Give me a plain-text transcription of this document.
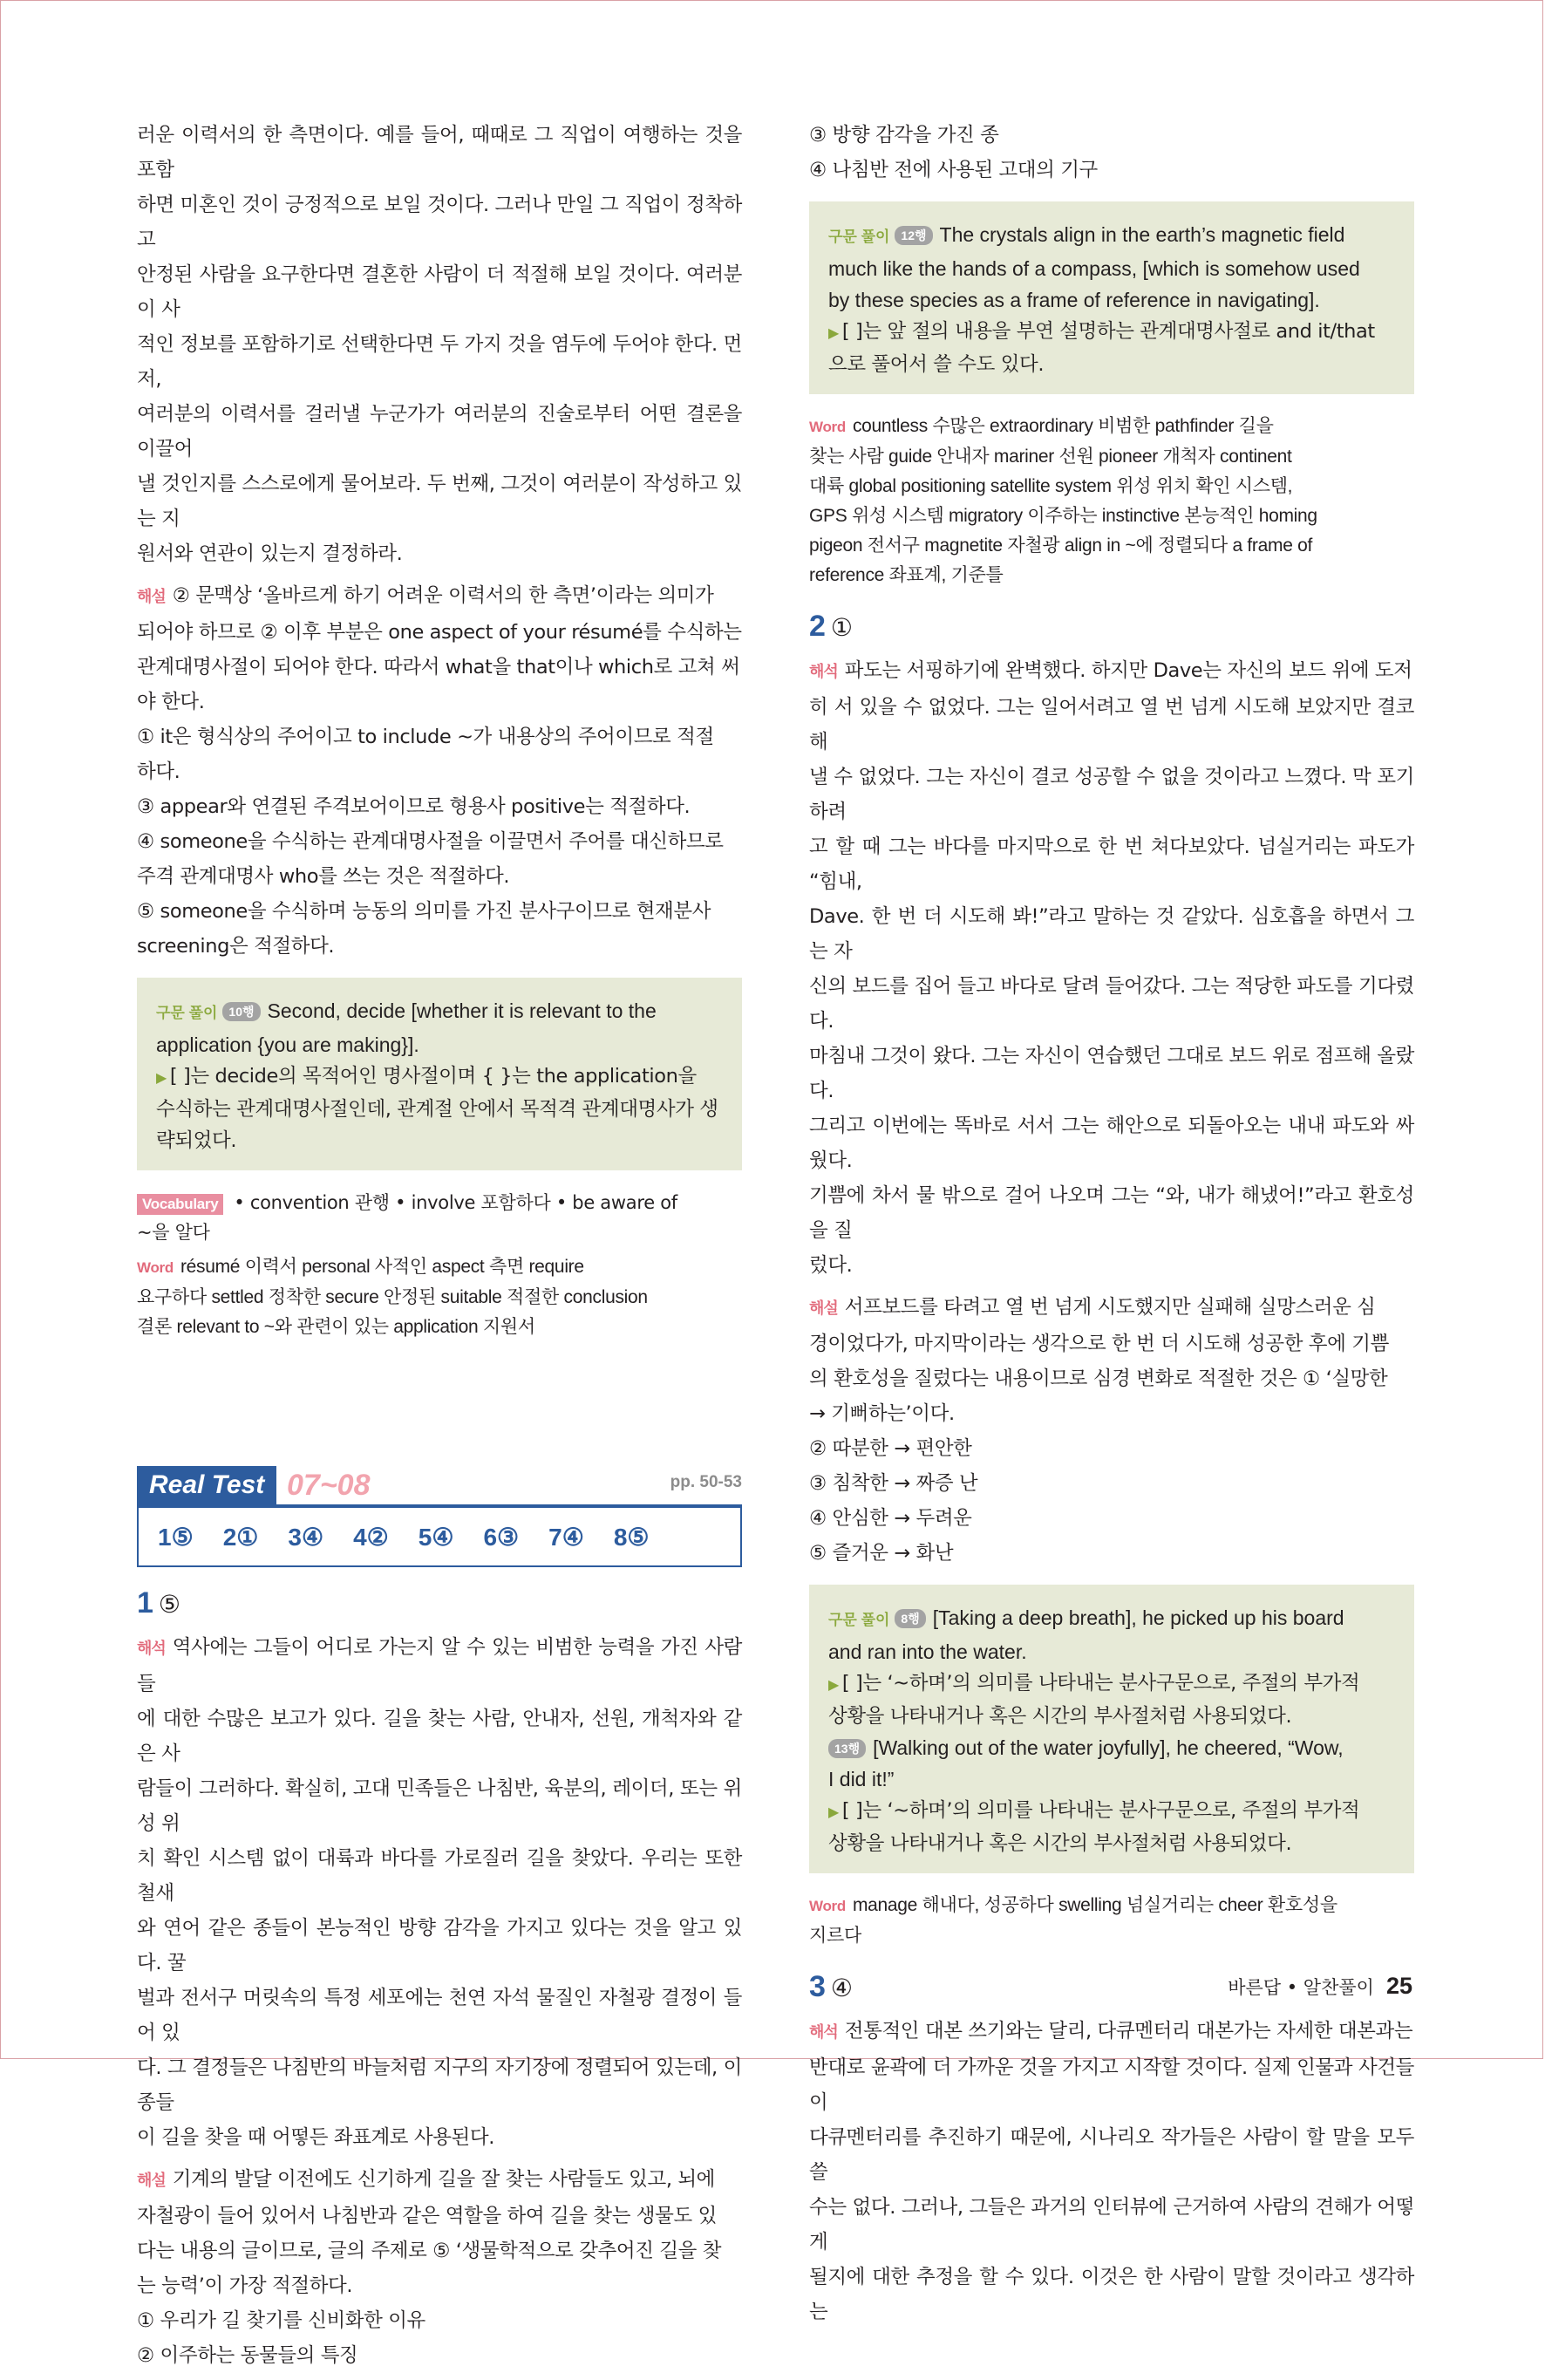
러운 이력서의 한 측면이다. 예를 들어, 때때로 그 직업이 여행하는 것을 포함

하면 미혼인 것이 긍정적으로 보일 것이다. 그러나 만일 그 직업이 정착하고

안정된 사람을 요구한다면 결혼한 사람이 더 적절해 보일 것이다. 여러분이 사

적인 정보를 포함하기로 선택한다면 두 가지 것을 염두에 두어야 한다. 먼저,

여러분의 이력서를 걸러낼 누군가가 여러분의 진술로부터 어떤 결론을 이끌어

낼 것인지를 스스로에게 물어보라. 두 번째, 그것이 여러분이 작성하고 있는 지

원서와 연관이 있는지 결정하라.

해설 ② 문맥상 ‘올바르게 하기 어려운 이력서의 한 측면’이라는 의미가

되어야 하므로 ② 이후 부분은 one aspect of your résumé를 수식하는

관계대명사절이 되어야 한다. 따라서 what을 that이나 which로 고쳐 써

야 한다.

① it은 형식상의 주어이고 to include ~가 내용상의 주어이므로 적절

하다.

③ appear와 연결된 주격보어이므로 형용사 positive는 적절하다.

④ someone을 수식하는 관계대명사절을 이끌면서 주어를 대신하므로

주격 관계대명사 who를 쓰는 것은 적절하다.

⑤ someone을 수식하며 능동의 의미를 가진 분사구이므로 현재분사

screening은 적절하다.

구문 풀이 10행 Second, decide [whether it is relevant to the

application {you are making}].

▶ [ ]는 decide의 목적어인 명사절이며 { }는 the application을

수식하는 관계대명사절인데, 관계절 안에서 목적격 관계대명사가 생

략되었다.

Vocabulary • convention 관행 • involve 포함하다 • be aware of

~을 알다

Word résumé 이력서 personal 사적인 aspect 측면 require

요구하다 settled 정착한 secure 안정된 suitable 적절한 conclusion

결론 relevant to ~와 관련이 있는 application 지원서

Real Test 07~08	pp. 50-53
1⑤ 2① 3④ 4② 5④ 6③ 7④ 8⑤
1 ⑤

해석 역사에는 그들이 어디로 가는지 알 수 있는 비범한 능력을 가진 사람들

에 대한 수많은 보고가 있다. 길을 찾는 사람, 안내자, 선원, 개척자와 같은 사

람들이 그러하다. 확실히, 고대 민족들은 나침반, 육분의, 레이더, 또는 위성 위

치 확인 시스템 없이 대륙과 바다를 가로질러 길을 찾았다. 우리는 또한 철새

와 연어 같은 종들이 본능적인 방향 감각을 가지고 있다는 것을 알고 있다. 꿀

벌과 전서구 머릿속의 특정 세포에는 천연 자석 물질인 자철광 결정이 들어 있

다. 그 결정들은 나침반의 바늘처럼 지구의 자기장에 정렬되어 있는데, 이 종들

이 길을 찾을 때 어떻든 좌표계로 사용된다.

해설 기계의 발달 이전에도 신기하게 길을 잘 찾는 사람들도 있고, 뇌에

자철광이 들어 있어서 나침반과 같은 역할을 하여 길을 찾는 생물도 있

다는 내용의 글이므로, 글의 주제로 ⑤ ‘생물학적으로 갖추어진 길을 찾

는 능력’이 가장 적절하다.

① 우리가 길 찾기를 신비화한 이유

② 이주하는 동물들의 특징

③ 방향 감각을 가진 종

④ 나침반 전에 사용된 고대의 기구

구문 풀이 12행 The crystals align in the earth’s magnetic field

much like the hands of a compass, [which is somehow used

by these species as a frame of reference in navigating].

▶ [ ]는 앞 절의 내용을 부연 설명하는 관계대명사절로 and it/that

으로 풀어서 쓸 수도 있다.

Word countless 수많은 extraordinary 비범한 pathfinder 길을

찾는 사람 guide 안내자 mariner 선원 pioneer 개척자 continent

대륙 global positioning satellite system 위성 위치 확인 시스템,

GPS 위성 시스템 migratory 이주하는 instinctive 본능적인 homing

pigeon 전서구 magnetite 자철광 align in ~에 정렬되다 a frame of

reference 좌표계, 기준틀

2 ①

해석 파도는 서핑하기에 완벽했다. 하지만 Dave는 자신의 보드 위에 도저

히 서 있을 수 없었다. 그는 일어서려고 열 번 넘게 시도해 보았지만 결코 해

낼 수 없었다. 그는 자신이 결코 성공할 수 없을 것이라고 느꼈다. 막 포기하려

고 할 때 그는 바다를 마지막으로 한 번 쳐다보았다. 넘실거리는 파도가 “힘내,

Dave. 한 번 더 시도해 봐!”라고 말하는 것 같았다. 심호흡을 하면서 그는 자

신의 보드를 집어 들고 바다로 달려 들어갔다. 그는 적당한 파도를 기다렸다.

마침내 그것이 왔다. 그는 자신이 연습했던 그대로 보드 위로 점프해 올랐다.

그리고 이번에는 똑바로 서서 그는 해안으로 되돌아오는 내내 파도와 싸웠다.

기쁨에 차서 물 밖으로 걸어 나오며 그는 “와, 내가 해냈어!”라고 환호성을 질

렀다.

해설 서프보드를 타려고 열 번 넘게 시도했지만 실패해 실망스러운 심

경이었다가, 마지막이라는 생각으로 한 번 더 시도해 성공한 후에 기쁨

의 환호성을 질렀다는 내용이므로 심경 변화로 적절한 것은 ① ‘실망한

→ 기뻐하는’이다.

② 따분한 → 편안한

③ 침착한 → 짜증 난

④ 안심한 → 두려운

⑤ 즐거운 → 화난

구문 풀이 8행 [Taking a deep breath], he picked up his board

and ran into the water.

▶ [ ]는 ‘~하며’의 의미를 나타내는 분사구문으로, 주절의 부가적

상황을 나타내거나 혹은 시간의 부사절처럼 사용되었다.

13행 [Walking out of the water joyfully], he cheered, “Wow,

I did it!”

▶ [ ]는 ‘~하며’의 의미를 나타내는 분사구문으로, 주절의 부가적

상황을 나타내거나 혹은 시간의 부사절처럼 사용되었다.

Word manage 해내다, 성공하다 swelling 넘실거리는 cheer 환호성을

지르다

3 ④

해석 전통적인 대본 쓰기와는 달리, 다큐멘터리 대본가는 자세한 대본과는

반대로 윤곽에 더 가까운 것을 가지고 시작할 것이다. 실제 인물과 사건들이

다큐멘터리를 추진하기 때문에, 시나리오 작가들은 사람이 할 말을 모두 쓸

수는 없다. 그러나, 그들은 과거의 인터뷰에 근거하여 사람의 견해가 어떻게

될지에 대한 추정을 할 수 있다. 이것은 한 사람이 말할 것이라고 생각하는

바른답 • 알찬풀이 25
